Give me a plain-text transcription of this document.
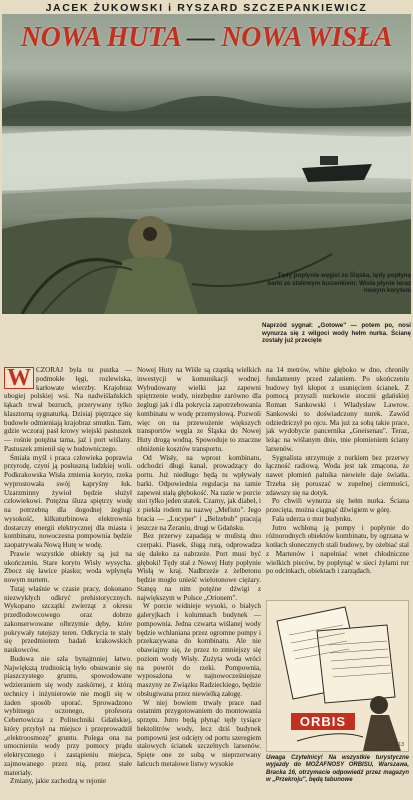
JACEK ŻUKOWSKI i RYSZARD SZCZEPANKIEWICZ
NOWA HUTA — NOWA WISŁA
Tędy popłynie węgiel ze Śląska, tędy popłyną barki ze stalowym łuszenkiem: Wisła płynie teraz nowym korytem
Naprzód sygnał: „Gotowe" — potem po, nosi wynurza się z wilgoci wody hełm nurka. Ścianę zostały już przecięte

W CZORAJ była tu pustka — podmokłe łęgi, rozlewiska, karłowate wierzby. Krajobraz ubogiej polskiej wsi. Na nadwiślańskich łąkach trwał bezruch, przerywany tylko klasztorną sygnaturką. Dzisiaj piętrzące się budowle odmieniają krajobraz smutku. Tam, gdzie wczoraj pasł krowy wiejski pastuszek — rośnie potężna tama, jaź i port wiślany. Pastuszek zmienił się w budowniczego.

Śmiała myśl i praca człowieka poprawia przyrodę, czyni ją posłuszną ludzkiej woli. Podkrakowska Wisła zmienia koryto, rzeka wyprostowała swój kapryśny łuk. Uzarzminny żywioł będzie służył człowiekowi. Potężna śluza spiętrzy wodę na potrzebną dla dogodnej żeglugi wysokość, kilkuturbinowa elektrownia dostarczy energii elektrycznej dla miasta i kombinatu, nowoczesna pompownia będzie zaopatrywała Nową Hutę w wodę.

Prawie wszystkie obiekty są już na ukończeniu. Stare koryto Wisły wysycha. Zbocz się ławice piasku; woda wpłynęła nowym nurtem.

Tutaj właśnie w czasie pracy, dokonano niezwykłych odkryć prehistorycznych. Wykopano szczątki zwierząt z okresu przedlodowcowego oraz dobrze zakonserwowane olbrzymie dęby, które pokrywały tutejszy teren. Odkrycia te stały się przedmiotem badań krakowskich naukowców.

Budowa nie szła bynajmniej łatwo. Największą trudnością było obsuwanie się piaszczystego gruntu, spowodowane wdzieraniem się wody zaskórnej, z którą technicy i inżynierowie nie mogli się w żaden sposób uporać. Sprowadzono wybitnego uczonego, profesora Cebertowicza z Politechniki Gdańskiej, który przybył na miejsce i przeprowadził „elektroosmozę" gruntu. Polega ona na umocnieniu wody przy pomocy prądu elektrycznego i zastąpieniu miejsca, zajmowanego przez nią, przez stałe materiały.

Zmiany, jakie zachodzą w rejonie

Nowej Huty na Wiśle są cząstką wielkich inwestycji w komunikacji wodnej. Wybudowany wielki jaz zapewni spiętrzenie wody, niezbędne zarówno dla żeglugi jak i dla pokrycia zapotrzebowania kombinatu w wodę przemysłową. Pozwoli więc on na przewożenie większych transportów węgla ze Śląska do Nowej Huty drogą wodną. Spowoduje to znaczne obniżenie kosztów transportu.

Od Wisły, na wprost kombinatu, odchodzi długi kanał, prowadzący do portu. Już niedługo będą tu wpływały barki. Odpowiednia regulacja na tamie zapewni stałą głębokość. Na razie w porcie stoi tylko jeden statek. Czarny, jak diabeł, i z piekła rodem na nazwę „Mefisto". Jego bracia — „Lucyper" i „Belzebub" pracują jeszcze na Żeraniu, drugi w Gdańsku.

Bez przerwy zapadają w mulistą dno czerpaki. Piasek, ślugą rurą, odprowadza się daleko za nabrzeże. Port musi być głęboki! Tędy stal z Nowej Huty popłynie Wisłą w kraj. Nadbrzeże z żelbetonu będzie mogło unieść wielotonowe ciężary. Stanęą na nim potężne dźwigi z największym w Polsce „Orionem".

W porcie widnieje wysoki, o białych galeryjkach i kolumnach budynek — pompownia. Jedna czwarta wiślanej wody będzie wchłaniana przez ogromne pompy i przekazywana do kombinatu. Ale nie obawiajmy się, że przez to zmniejszy się poziom wody Wisły. Zużyta woda wróci na powrót do rzeki. Pompownia, wyposażona w najnowocześniejsze maszyny ze Związku Radzieckiego, będzie obsługiwana przez niewielką załogę.

W niej bowiem trwały prace nad ostatnim przygotowaniem do montowania sprzętu. Jutro będą płynąć tędy tysiące hektolitrów wody, lecz dziś budynek pompowni jest odcięty od portu szeregiem stalowych ścianek szczelnych larsenów. Spięte one ze sobą w nieprzerwany łańcuch metalowe listwy wysokie

na 14 metrów, white głęboko w dno, chroniły fundamenty przed zalaniem. Po ukończeniu budowy był kłopot z usunięciem ścianek. Z pomocą przyszli nurkowie stoczni gdańskiej Roman Sankowski i Władysław Lawrow. Sankowski to doświadczony nurek. Zawód odziedziczył po ojcu. Ma już za sobą takie prace, jak wydobycie pancernika „Gneisenau". Teraz, leżąc na wiślanym dnie, tnie płomieniem ściany larsenów.

Sygnalista utrzymuje z nurkiem bez przerwy łączność radiową. Woda jest tak zmącona, że nawet płomień palnika niewiele daje światła. Trzeba się poruszać w zupełnej ciemności, zdawszy się na dotyk.

Po chwili wynurza się hełm nurka. Ściana przecięta, można ciągnąć dźwigiem w górę.

Fala uderza o mur budynku.

Jutro wchłoną ją pompy i popłynie do różnorodnych obiektów kombinatu, by ogrzana w kotłach słonecznych stali budowy, by ożebiać stal z Martenów i napełniać wnet chłodniczne wielkich pieców, by popłynąć w sieci żyłami rur po odcinkach, obiektach i zarządach.

ORBIS
IC—3013
Uwaga Czytelnicy! Na wszystkie turystyczne wyjazdy do MOZAFNOSY ORBISU, Warszawa, Bracka 16, otrzymacie odpowiedź przez magazyn w „Przekroju", będą tabunowe
